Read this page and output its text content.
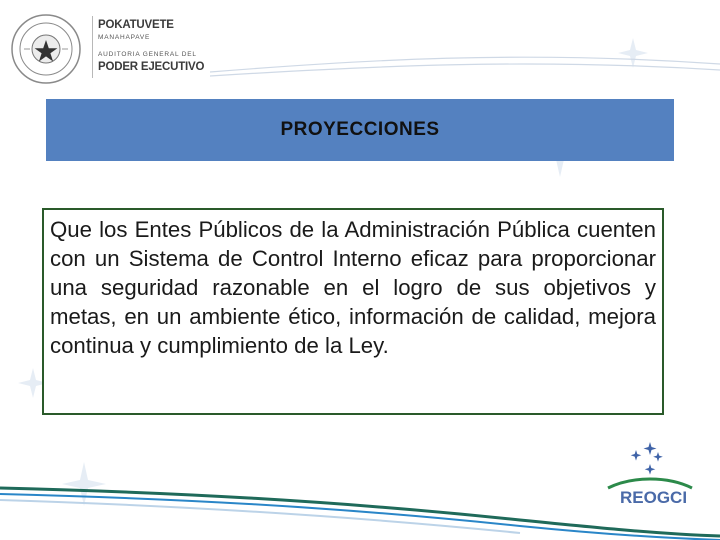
POKATUVETE
MANAHAPAVE
AUDITORIA GENERAL DEL
PODER EJECUTIVO
PROYECCIONES

Que los Entes Públicos de la Administración Pública cuenten con un Sistema de Control Interno eficaz para proporcionar una seguridad razonable en el logro de sus objetivos y metas, en un ambiente ético, información de calidad, mejora continua y cumplimiento de la Ley.

REOGCI
